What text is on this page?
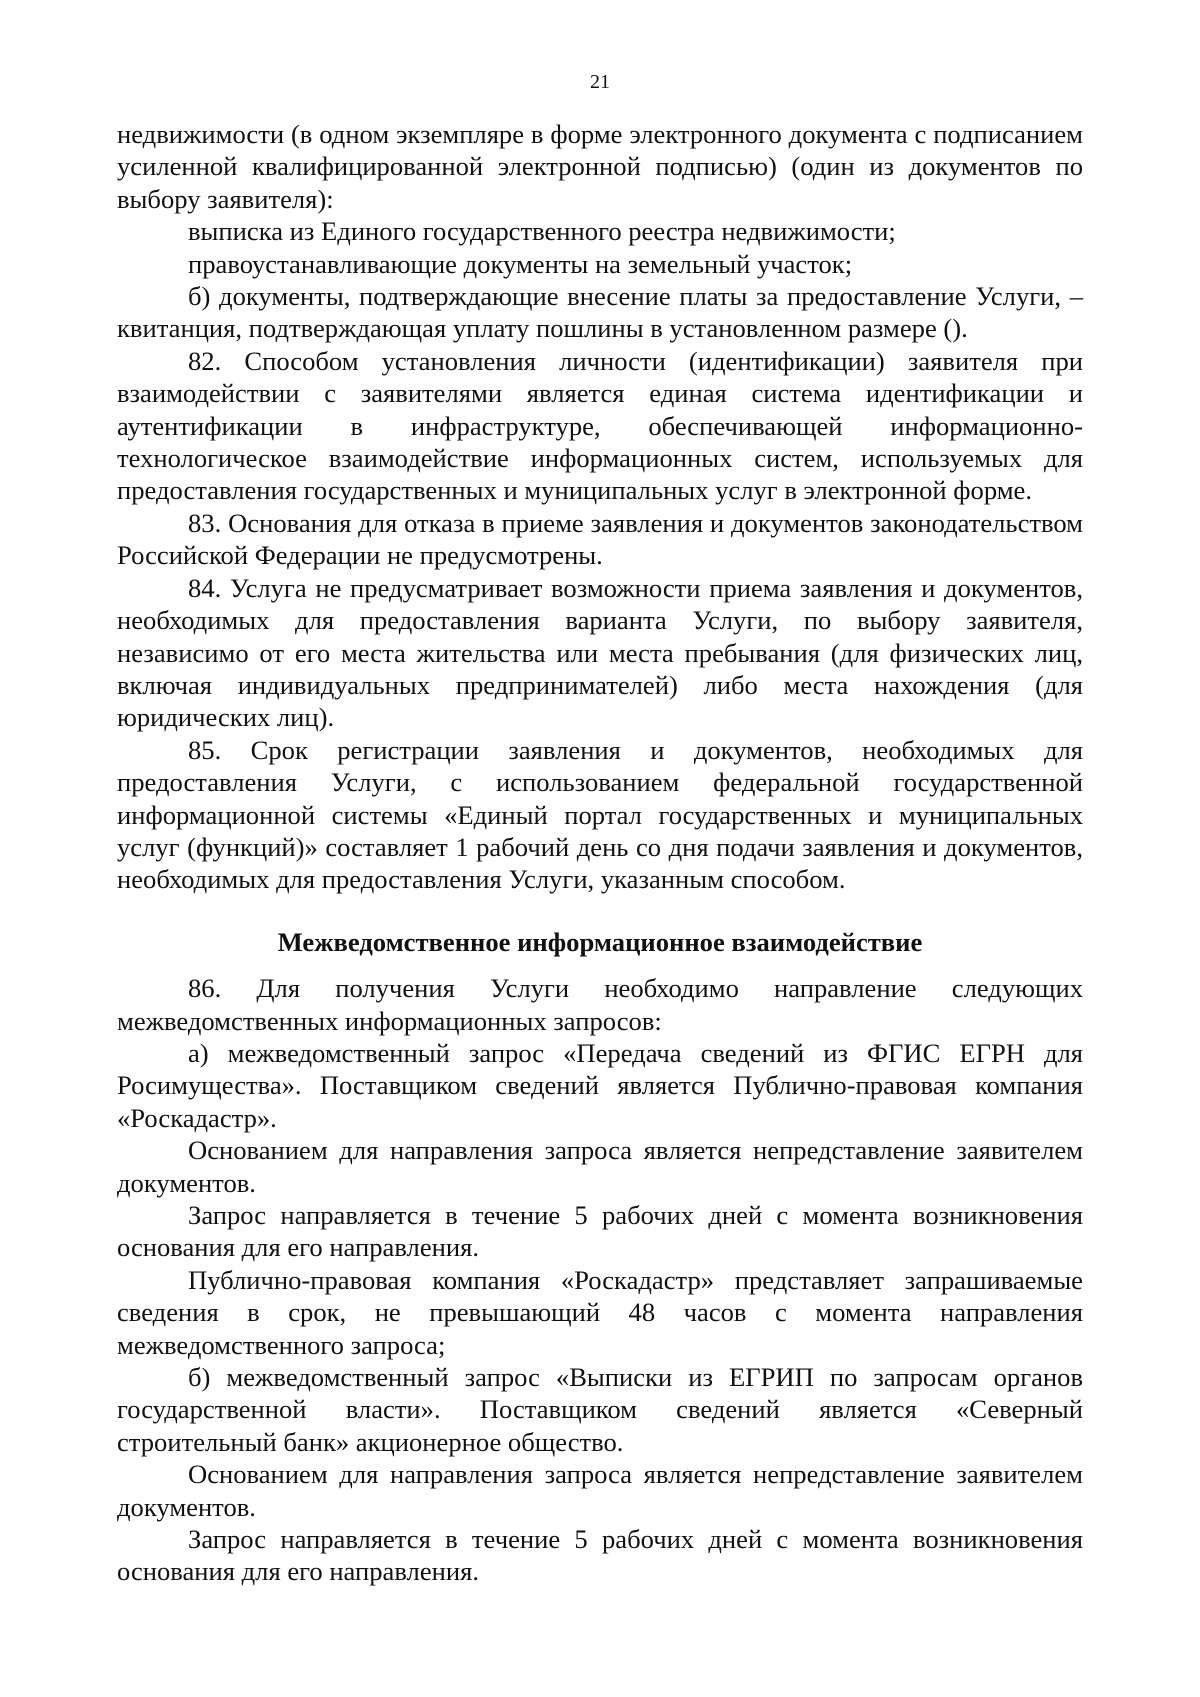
21

недвижимости (в одном экземпляре в форме электронного документа с подписанием усиленной квалифицированной электронной подписью) (один из документов по выбору заявителя):

выписка из Единого государственного реестра недвижимости;

правоустанавливающие документы на земельный участок;

б) документы, подтверждающие внесение платы за предоставление Услуги, – квитанция, подтверждающая уплату пошлины в установленном размере ().

82. Способом установления личности (идентификации) заявителя при взаимодействии с заявителями является единая система идентификации и аутентификации в инфраструктуре, обеспечивающей информационно-технологическое взаимодействие информационных систем, используемых для предоставления государственных и муниципальных услуг в электронной форме.

83. Основания для отказа в приеме заявления и документов законодательством Российской Федерации не предусмотрены.

84. Услуга не предусматривает возможности приема заявления и документов, необходимых для предоставления варианта Услуги, по выбору заявителя, независимо от его места жительства или места пребывания (для физических лиц, включая индивидуальных предпринимателей) либо места нахождения (для юридических лиц).

85. Срок регистрации заявления и документов, необходимых для предоставления Услуги, с использованием федеральной государственной информационной системы «Единый портал государственных и муниципальных услуг (функций)» составляет 1 рабочий день со дня подачи заявления и документов, необходимых для предоставления Услуги, указанным способом.

Межведомственное информационное взаимодействие

86. Для получения Услуги необходимо направление следующих межведомственных информационных запросов:

а) межведомственный запрос «Передача сведений из ФГИС ЕГРН для Росимущества». Поставщиком сведений является Публично-правовая компания «Роскадастр».

Основанием для направления запроса является непредставление заявителем документов.

Запрос направляется в течение 5 рабочих дней с момента возникновения основания для его направления.

Публично-правовая компания «Роскадастр» представляет запрашиваемые сведения в срок, не превышающий 48 часов с момента направления межведомственного запроса;

б) межведомственный запрос «Выписки из ЕГРИП по запросам органов государственной власти». Поставщиком сведений является «Северный строительный банк» акционерное общество.

Основанием для направления запроса является непредставление заявителем документов.

Запрос направляется в течение 5 рабочих дней с момента возникновения основания для его направления.
